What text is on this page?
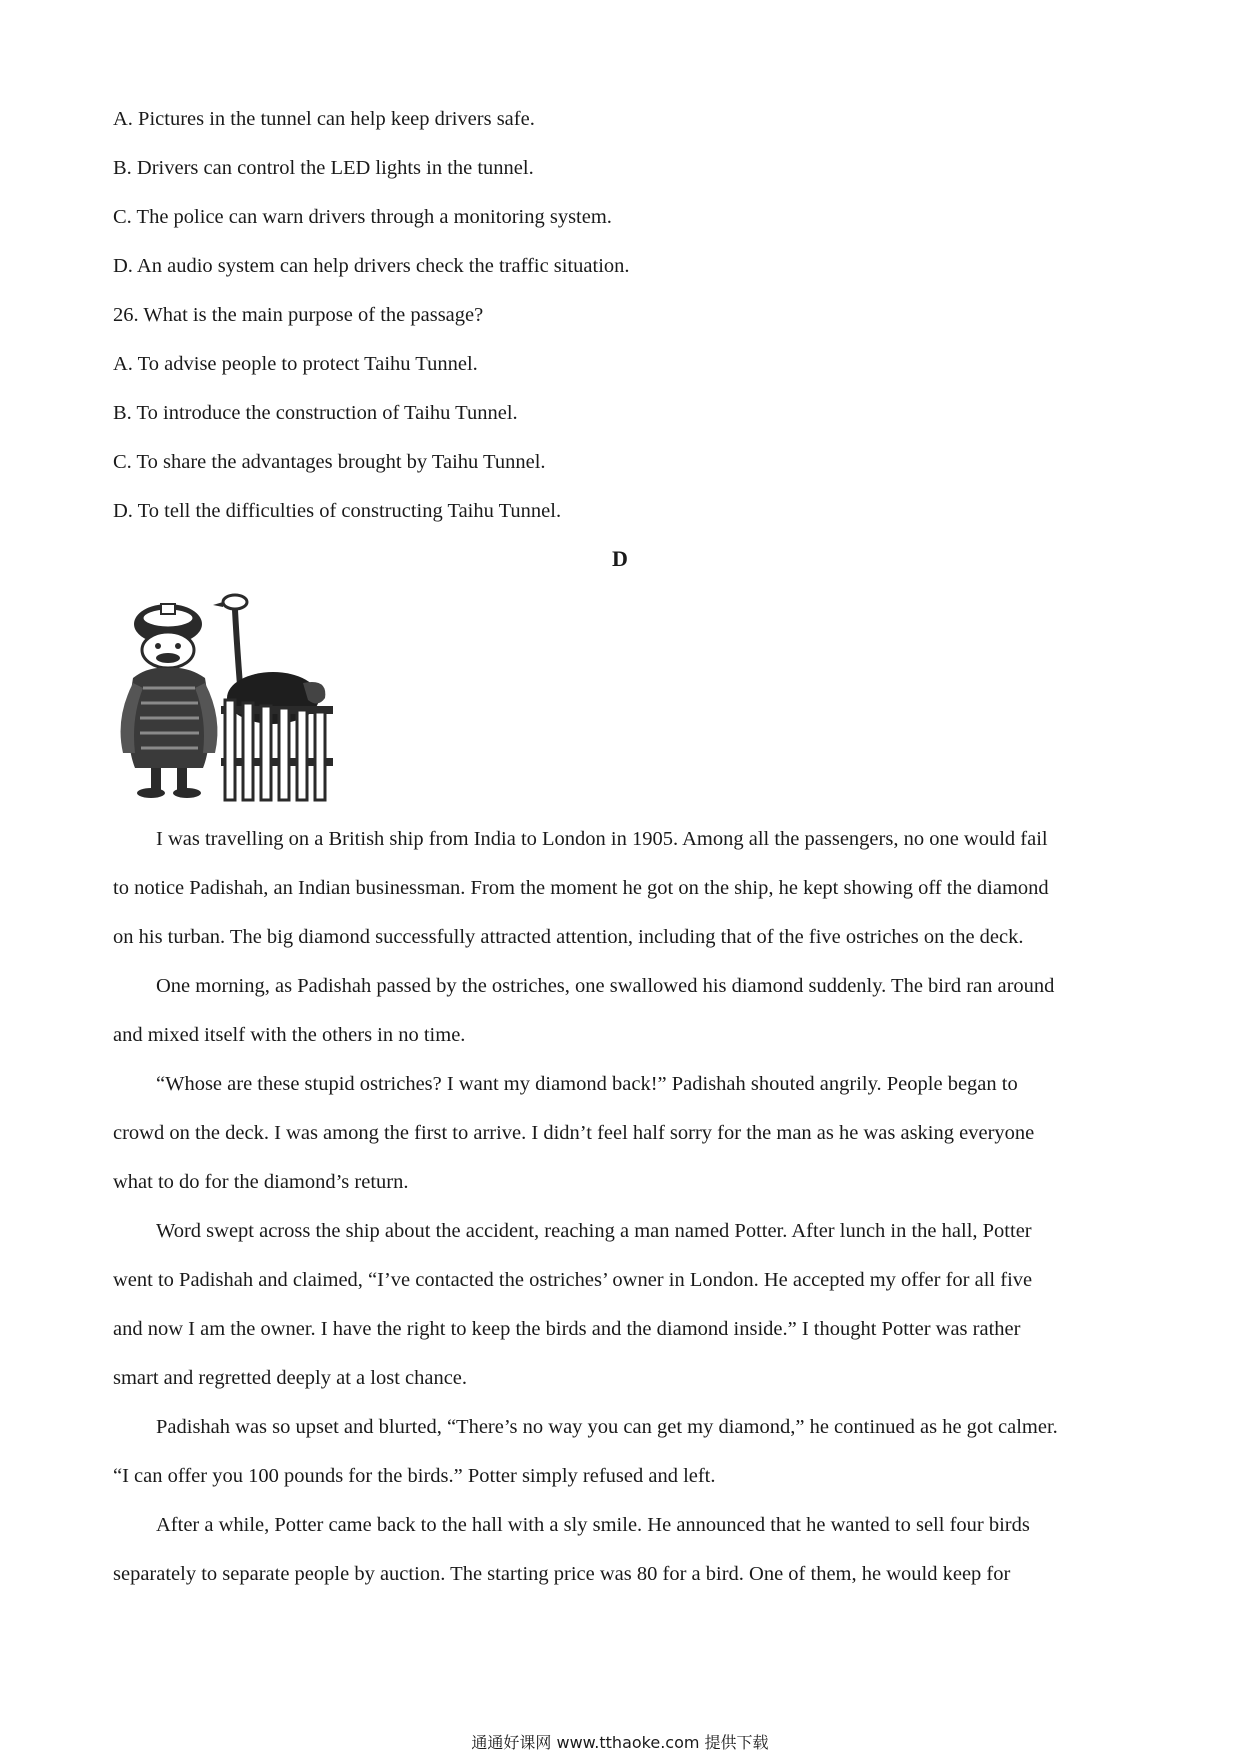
A. Pictures in the tunnel can help keep drivers safe.
B. Drivers can control the LED lights in the tunnel.
C. The police can warn drivers through a monitoring system.
D. An audio system can help drivers check the traffic situation.
26. What is the main purpose of the passage?
A. To advise people to protect Taihu Tunnel.
B. To introduce the construction of Taihu Tunnel.
C. To share the advantages brought by Taihu Tunnel.
D. To tell the difficulties of constructing Taihu Tunnel.
D
I was travelling on a British ship from India to London in 1905. Among all the passengers, no one would fail
to notice Padishah, an Indian businessman. From the moment he got on the ship, he kept showing off the diamond
on his turban. The big diamond successfully attracted attention, including that of the five ostriches on the deck.
One morning, as Padishah passed by the ostriches, one swallowed his diamond suddenly. The bird ran around
and mixed itself with the others in no time.
“Whose are these stupid ostriches? I want my diamond back!” Padishah shouted angrily. People began to
crowd on the deck. I was among the first to arrive. I didn’t feel half sorry for the man as he was asking everyone
what to do for the diamond’s return.
Word swept across the ship about the accident, reaching a man named Potter. After lunch in the hall, Potter
went to Padishah and claimed, “I’ve contacted the ostriches’ owner in London. He accepted my offer for all five
and now I am the owner. I have the right to keep the birds and the diamond inside.” I thought Potter was rather
smart and regretted deeply at a lost chance.
Padishah was so upset and blurted, “There’s no way you can get my diamond,” he continued as he got calmer.
“I can offer you 100 pounds for the birds.” Potter simply refused and left.
After a while, Potter came back to the hall with a sly smile. He announced that he wanted to sell four birds
separately to separate people by auction. The starting price was 80 for a bird. One of them, he would keep for
通通好课网 www.tthaoke.com 提供下载
